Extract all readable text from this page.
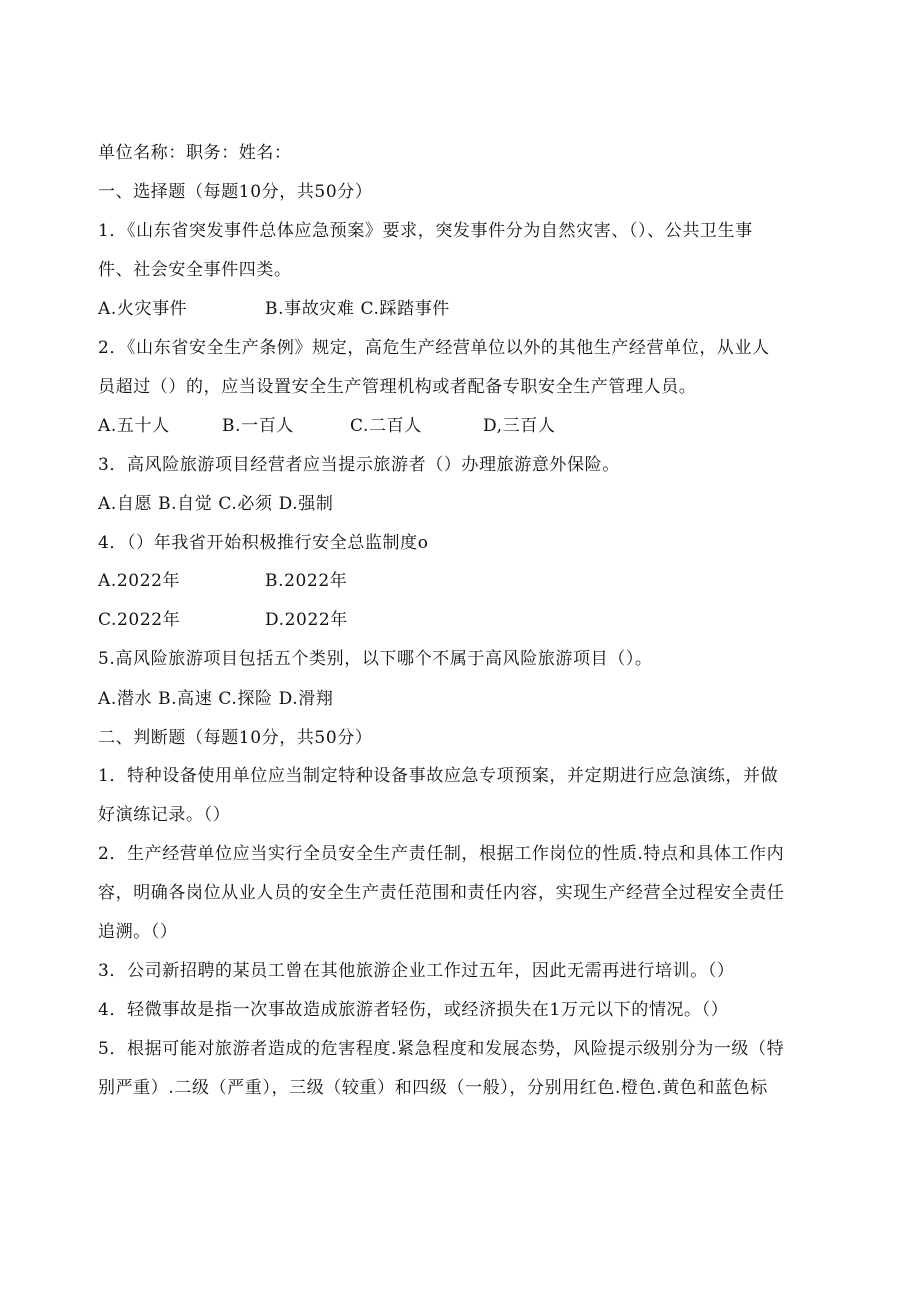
单位名称：职务：姓名：
一、选择题（每题10分，共50分）
1．《山东省突发事件总体应急预案》要求，突发事件分为自然灾害、（）、公共卫生事
件、社会安全事件四类。
A.火灾事件	B.事故灾难 C.踩踏事件
2．《山东省安全生产条例》规定，高危生产经营单位以外的其他生产经营单位，从业人
员超过（）的，应当设置安全生产管理机构或者配备专职安全生产管理人员。
A.五十人	B.一百人	C.二百人	D,三百人
3．高风险旅游项目经营者应当提示旅游者（）办理旅游意外保险。
A.自愿 B.自觉 C.必须 D.强制
4．（）年我省开始积极推行安全总监制度o
A.2022年	B.2022年
C.2022年	D.2022年
5.高风险旅游项目包括五个类别，以下哪个不属于高风险旅游项目（）。
A.潜水 B.高速 C.探险 D.滑翔
二、判断题（每题10分，共50分）
1．特种设备使用单位应当制定特种设备事故应急专项预案，并定期进行应急演练，并做
好演练记录。（）
2．生产经营单位应当实行全员安全生产责任制，根据工作岗位的性质.特点和具体工作内
容，明确各岗位从业人员的安全生产责任范围和责任内容，实现生产经营全过程安全责任
追溯。（）
3．公司新招聘的某员工曾在其他旅游企业工作过五年，因此无需再进行培训。（）
4．轻微事故是指一次事故造成旅游者轻伤，或经济损失在1万元以下的情况。（）
5．根据可能对旅游者造成的危害程度.紧急程度和发展态势，风险提示级别分为一级（特
别严重）.二级（严重），三级（较重）和四级（一般），分别用红色.橙色.黄色和蓝色标
